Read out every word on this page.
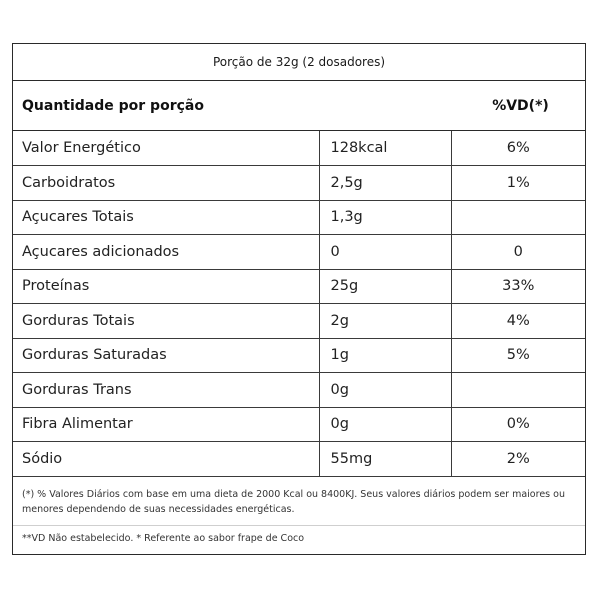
Porção de 32g (2 dosadores)
Quantidade por porção	%VD(*)
Valor Energético	128kcal	6%
Carboidratos	2,5g	1%
Açucares Totais	1,3g	
Açucares adicionados	0	0
Proteínas	25g	33%
Gorduras Totais	2g	4%
Gorduras Saturadas	1g	5%
Gorduras Trans	0g	
Fibra Alimentar	0g	0%
Sódio	55mg	2%
(*) % Valores Diários com base em uma dieta de 2000 Kcal ou 8400KJ. Seus valores diários podem ser maiores ou menores dependendo de suas necessidades energéticas.
**VD Não estabelecido. * Referente ao sabor frape de Coco
